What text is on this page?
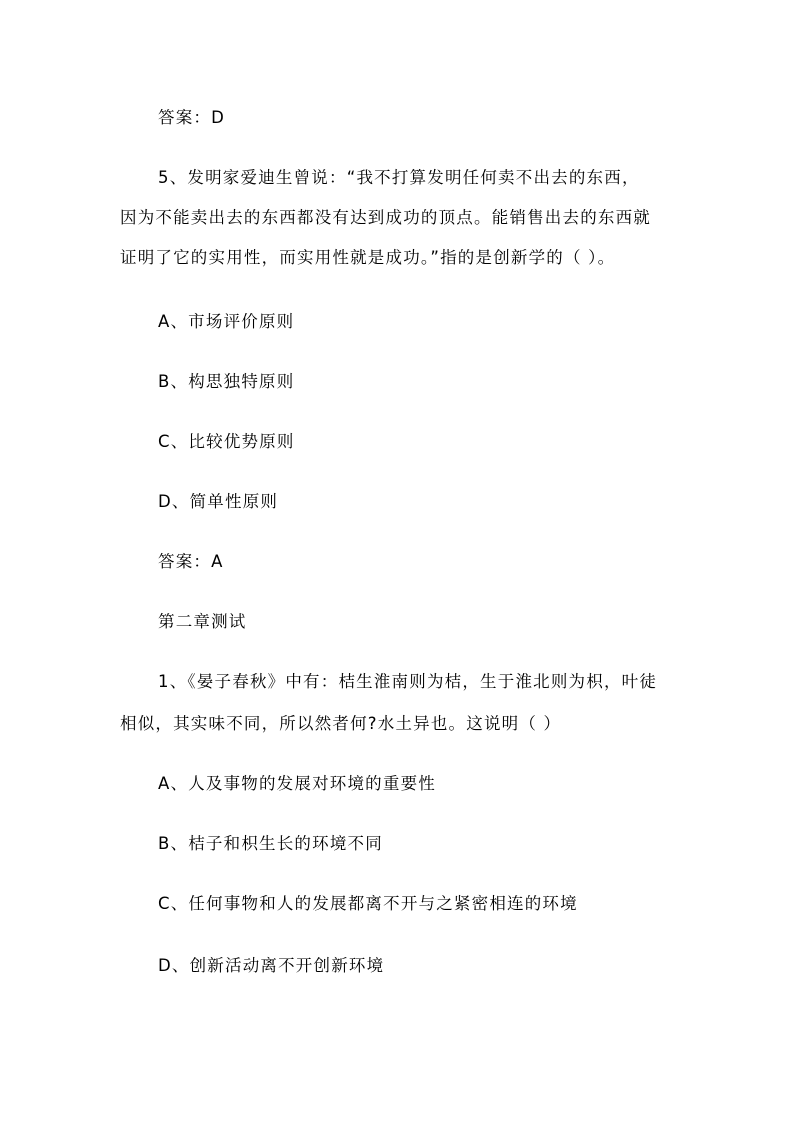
答案：D
5、发明家爱迪生曾说：“我不打算发明任何卖不出去的东西，
因为不能卖出去的东西都没有达到成功的顶点。能销售出去的东西就
证明了它的实用性，而实用性就是成功。”指的是创新学的（ ）。
A、市场评价原则
B、构思独特原则
C、比较优势原则
D、简单性原则
答案：A
第二章测试
1、《晏子春秋》中有：桔生淮南则为桔，生于淮北则为枳，叶徒
相似，其实味不同，所以然者何?水土异也。这说明（ ）
A、人及事物的发展对环境的重要性
B、桔子和枳生长的环境不同
C、任何事物和人的发展都离不开与之紧密相连的环境
D、创新活动离不开创新环境
